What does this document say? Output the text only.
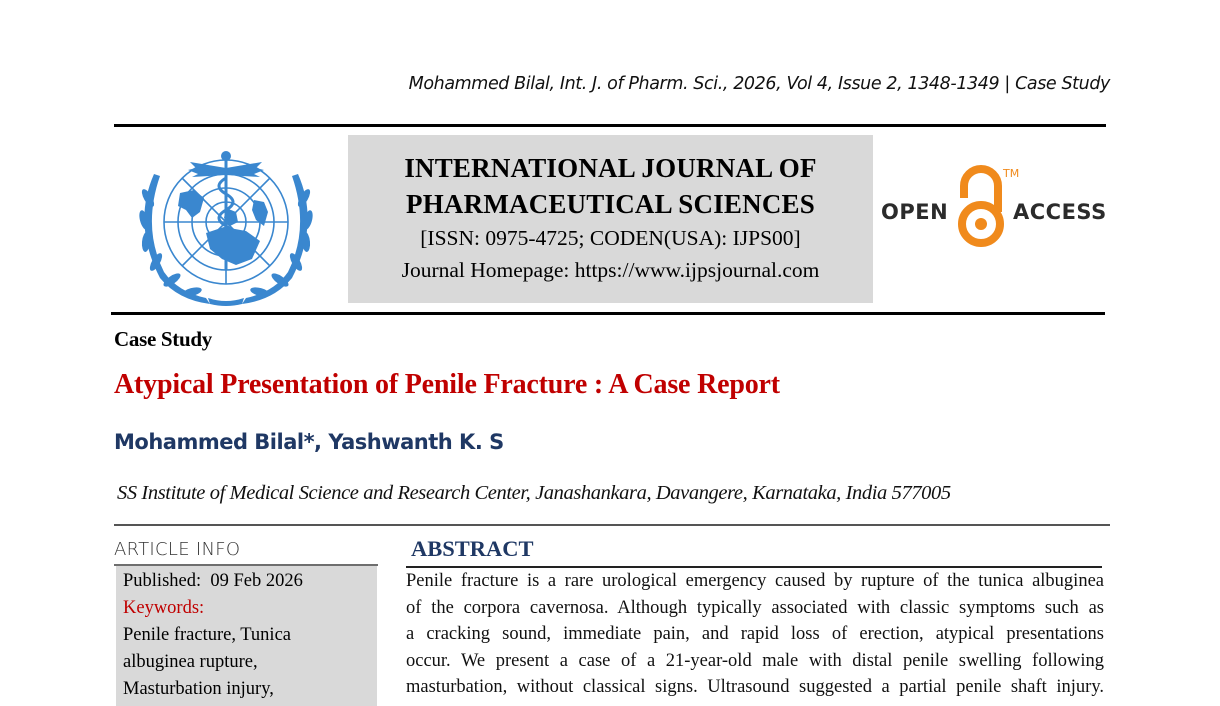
Mohammed Bilal, Int. J. of Pharm. Sci., 2026, Vol 4, Issue 2, 1348-1349 | Case Study
INTERNATIONAL JOURNAL OF
PHARMACEUTICAL SCIENCES
[ISSN: 0975-4725; CODEN(USA): IJPS00]
Journal Homepage: https://www.ijpsjournal.com
OPEN
TM
ACCESS
Case Study
Atypical Presentation of Penile Fracture : A Case Report
Mohammed Bilal*, Yashwanth K. S
SS Institute of Medical Science and Research Center, Janashankara, Davangere, Karnataka, India 577005
ARTICLE INFO
Published: 09 Feb 2026
Keywords:
Penile fracture, Tunica
albuginea rupture,
Masturbation injury,
ABSTRACT
Penile fracture is a rare urological emergency caused by rupture of the tunica albuginea
of the corpora cavernosa. Although typically associated with classic symptoms such as
a cracking sound, immediate pain, and rapid loss of erection, atypical presentations
occur. We present a case of a 21-year-old male with distal penile swelling following
masturbation, without classical signs. Ultrasound suggested a partial penile shaft injury.
